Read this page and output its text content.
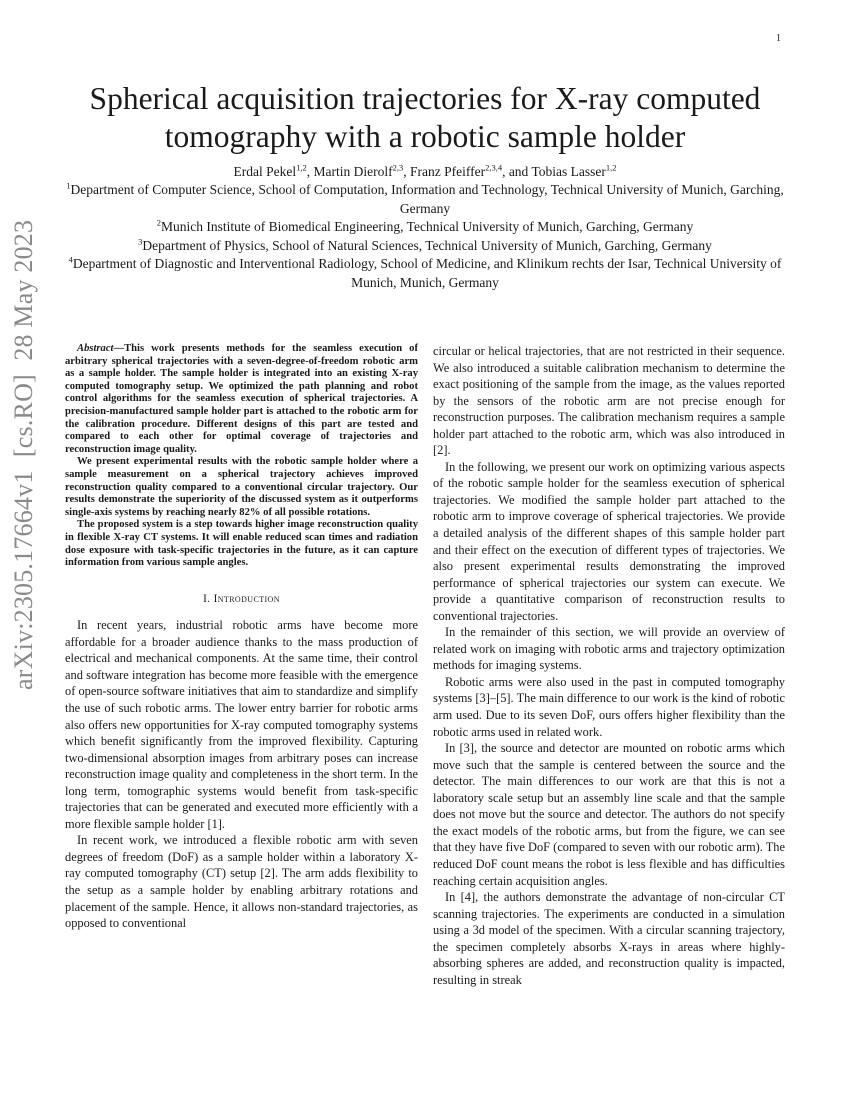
1
arXiv:2305.17664v1  [cs.RO]  28 May 2023
Spherical acquisition trajectories for X-ray computed tomography with a robotic sample holder
Erdal Pekel$^{1,2}$, Martin Dierolf$^{2,3}$, Franz Pfeiffer$^{2,3,4}$, and Tobias Lasser$^{1,2}$

$^1$Department of Computer Science, School of Computation, Information and Technology, Technical University of Munich, Garching, Germany

$^2$Munich Institute of Biomedical Engineering, Technical University of Munich, Garching, Germany

$^3$Department of Physics, School of Natural Sciences, Technical University of Munich, Garching, Germany

$^4$Department of Diagnostic and Interventional Radiology, School of Medicine, and Klinikum rechts der Isar, Technical University of Munich, Munich, Germany

Abstract—This work presents methods for the seamless execution of arbitrary spherical trajectories with a seven-degree-of-freedom robotic arm as a sample holder. The sample holder is integrated into an existing X-ray computed tomography setup. We optimized the path planning and robot control algorithms for the seamless execution of spherical trajectories. A precision-manufactured sample holder part is attached to the robotic arm for the calibration procedure. Different designs of this part are tested and compared to each other for optimal coverage of trajectories and reconstruction image quality.

We present experimental results with the robotic sample holder where a sample measurement on a spherical trajectory achieves improved reconstruction quality compared to a conventional circular trajectory. Our results demonstrate the superiority of the discussed system as it outperforms single-axis systems by reaching nearly 82% of all possible rotations.

The proposed system is a step towards higher image reconstruction quality in flexible X-ray CT systems. It will enable reduced scan times and radiation dose exposure with task-specific trajectories in the future, as it can capture information from various sample angles.

I. Introduction

In recent years, industrial robotic arms have become more affordable for a broader audience thanks to the mass production of electrical and mechanical components. At the same time, their control and software integration has become more feasible with the emergence of open-source software initiatives that aim to standardize and simplify the use of such robotic arms. The lower entry barrier for robotic arms also offers new opportunities for X-ray computed tomography systems which benefit significantly from the improved flexibility. Capturing two-dimensional absorption images from arbitrary poses can increase reconstruction image quality and completeness in the short term. In the long term, tomographic systems would benefit from task-specific trajectories that can be generated and executed more efficiently with a more flexible sample holder [1].

In recent work, we introduced a flexible robotic arm with seven degrees of freedom (DoF) as a sample holder within a laboratory X-ray computed tomography (CT) setup [2]. The arm adds flexibility to the setup as a sample holder by enabling arbitrary rotations and placement of the sample. Hence, it allows non-standard trajectories, as opposed to conventional

circular or helical trajectories, that are not restricted in their sequence. We also introduced a suitable calibration mechanism to determine the exact positioning of the sample from the image, as the values reported by the sensors of the robotic arm are not precise enough for reconstruction purposes. The calibration mechanism requires a sample holder part attached to the robotic arm, which was also introduced in [2].

In the following, we present our work on optimizing various aspects of the robotic sample holder for the seamless execution of spherical trajectories. We modified the sample holder part attached to the robotic arm to improve coverage of spherical trajectories. We provide a detailed analysis of the different shapes of this sample holder part and their effect on the execution of different types of trajectories. We also present experimental results demonstrating the improved performance of spherical trajectories our system can execute. We provide a quantitative comparison of reconstruction results to conventional trajectories.

In the remainder of this section, we will provide an overview of related work on imaging with robotic arms and trajectory optimization methods for imaging systems.

Robotic arms were also used in the past in computed tomography systems [3]–[5]. The main difference to our work is the kind of robotic arm used. Due to its seven DoF, ours offers higher flexibility than the robotic arms used in related work.

In [3], the source and detector are mounted on robotic arms which move such that the sample is centered between the source and the detector. The main differences to our work are that this is not a laboratory scale setup but an assembly line scale and that the sample does not move but the source and detector. The authors do not specify the exact models of the robotic arms, but from the figure, we can see that they have five DoF (compared to seven with our robotic arm). The reduced DoF count means the robot is less flexible and has difficulties reaching certain acquisition angles.

In [4], the authors demonstrate the advantage of non-circular CT scanning trajectories. The experiments are conducted in a simulation using a 3d model of the specimen. With a circular scanning trajectory, the specimen completely absorbs X-rays in areas where highly-absorbing spheres are added, and reconstruction quality is impacted, resulting in streak
